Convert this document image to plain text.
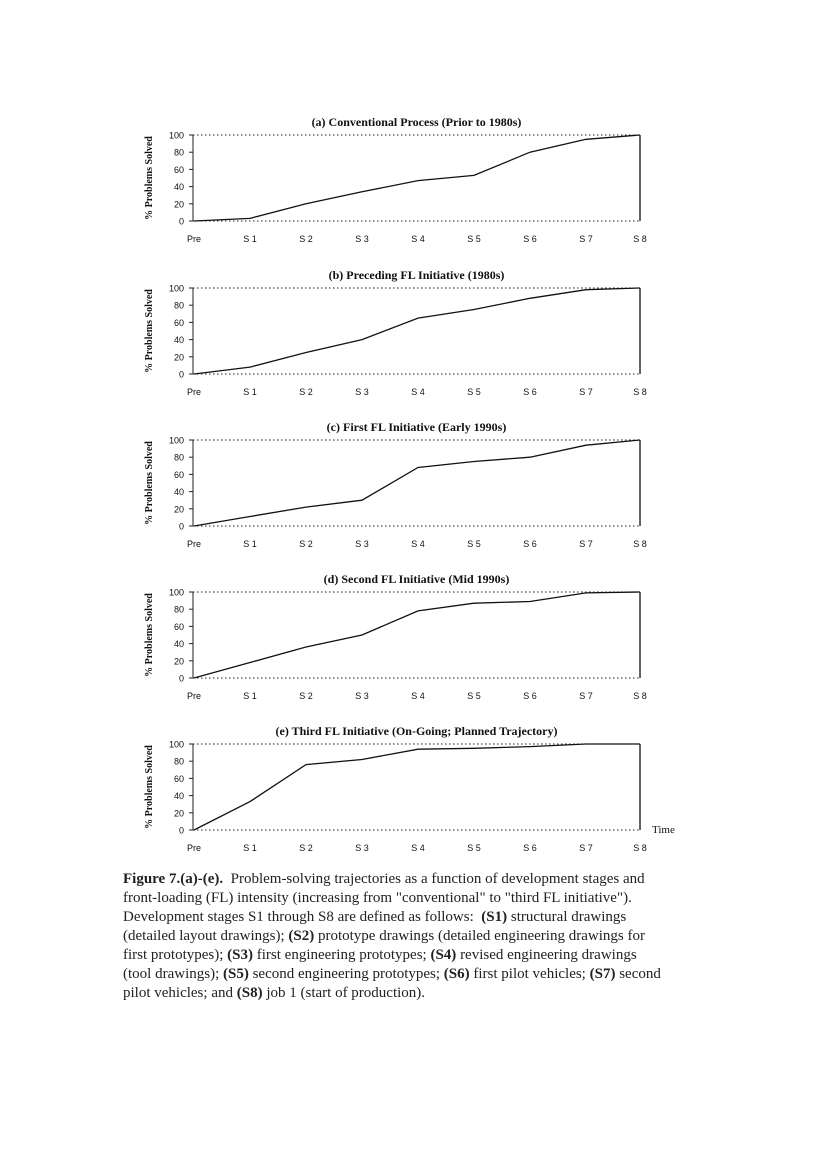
(a) Conventional Process (Prior to 1980s)
% Problems Solved
0
20
40
60
80
100
Pre	S 1	S 2	S 3	S 4	S 5	S 6	S 7	S 8
(b) Preceding FL Initiative (1980s)
% Problems Solved
0
20
40
60
80
100
Pre	S 1	S 2	S 3	S 4	S 5	S 6	S 7	S 8
(c) First FL Initiative (Early 1990s)
% Problems Solved
0
20
40
60
80
100
Pre	S 1	S 2	S 3	S 4	S 5	S 6	S 7	S 8
(d) Second FL Initiative (Mid 1990s)
% Problems Solved
0
20
40
60
80
100
Pre	S 1	S 2	S 3	S 4	S 5	S 6	S 7	S 8
(e) Third FL Initiative (On-Going; Planned Trajectory)
% Problems Solved
0
20
40
60
80
100
Pre	S 1	S 2	S 3	S 4	S 5	S 6	S 7	S 8
Time
Figure 7.(a)-(e). Problem-solving trajectories as a function of development stages and
front-loading (FL) intensity (increasing from "conventional" to "third FL initiative").
Development stages S1 through S8 are defined as follows: (S1) structural drawings
(detailed layout drawings); (S2) prototype drawings (detailed engineering drawings for
first prototypes); (S3) first engineering prototypes; (S4) revised engineering drawings
(tool drawings); (S5) second engineering prototypes; (S6) first pilot vehicles; (S7) second
pilot vehicles; and (S8) job 1 (start of production).
